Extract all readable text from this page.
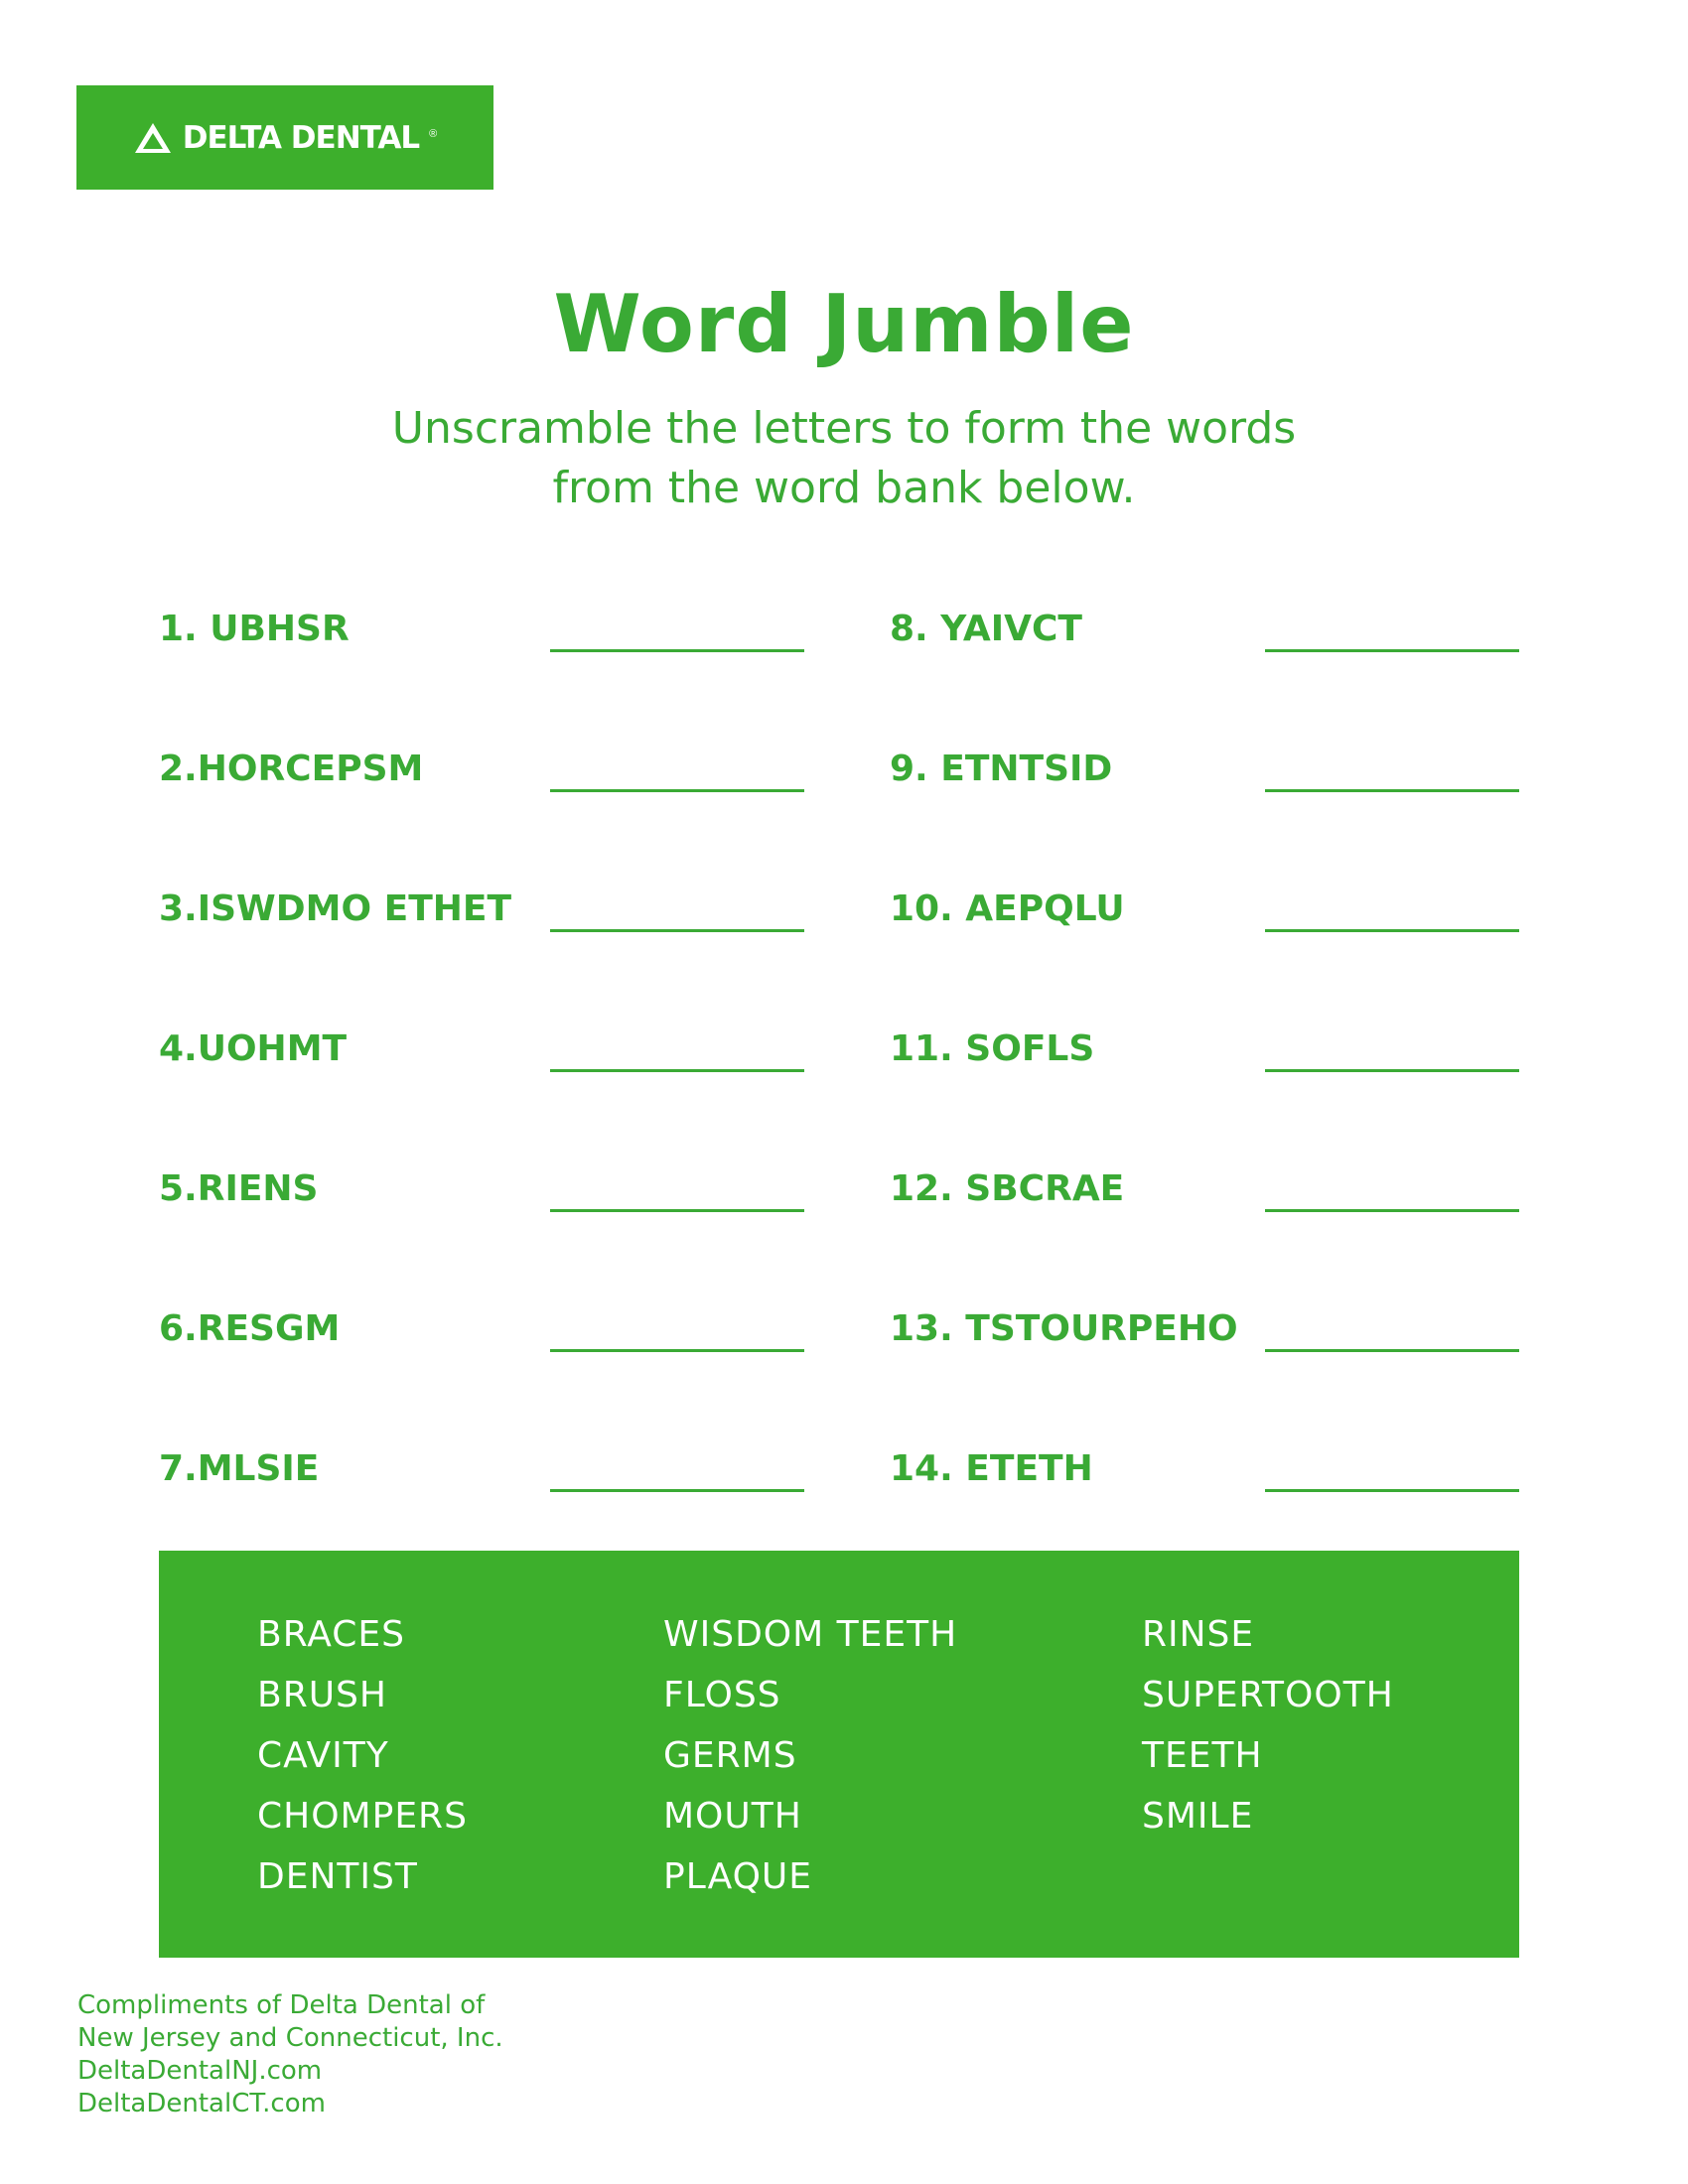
DELTA DENTAL ®
Word Jumble
Unscramble the letters to form the words
from the word bank below.
1. UBHSR
2.HORCEPSM
3.ISWDMO ETHET
4.UOHMT
5.RIENS
6.RESGM
7.MLSIE
8. YAIVCT
9. ETNTSID
10. AEPQLU
11. SOFLS
12. SBCRAE
13. TSTOURPEHO
14. ETETH
BRACES
BRUSH
CAVITY
CHOMPERS
DENTIST
WISDOM TEETH
FLOSS
GERMS
MOUTH
PLAQUE
RINSE
SUPERTOOTH
TEETH
SMILE
Compliments of Delta Dental of
New Jersey and Connecticut, Inc.
DeltaDentalNJ.com
DeltaDentalCT.com
